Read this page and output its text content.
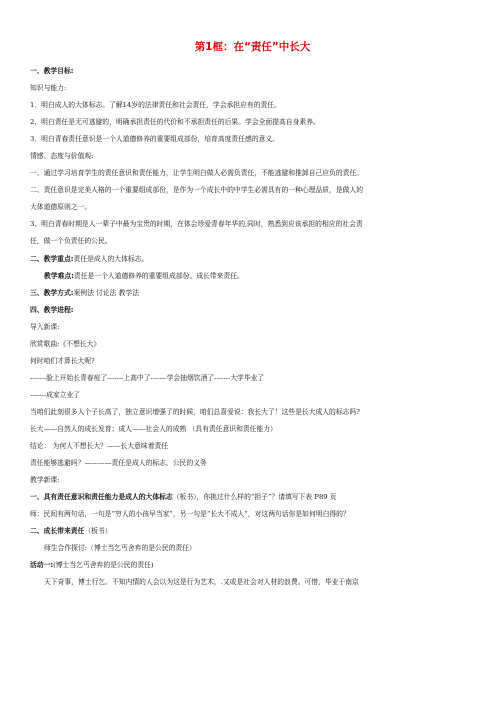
第1框：在“责任”中长大
一、教学目标:
知识与能力:
1．明白成人的大体标志。了解14岁的法律责任和社会责任，学会承担应有的责任。
2．明白责任是无可逃避的，明确承担责任的代价和不承担责任的后果。学会全面提高自身素养。
3．明白青春责任意识是一个人道德修养的重要组成部份，培育高度责任感的意义。
情感、态度与价值观:
一、通过学习培育学生的责任意识和责任能力，让学生明白做人必需负责任，不能逃避和推卸自己应负的责任。
二、责任意识是完美人格的一个重要组成部份，是作为一个成长中的中学生必需具有的一种心理品质，是做人的
大体道德原则之一。
3、明白青春时期是人一辈子中最为宝贵的时期，在体会珍爱青春年华的,同时，熟悉到应该承担的相应的社会责
任，做一个负责任的公民。
二、教学重点:责任是成人的大体标志。
教学难点:责任是一个人道德修养的重要组成部份。成长带来责任。
三、教学方式:案例法 讨论法 教学法
四、教学进程:
导入新课:
欣赏歌曲:《不想长大》
何时咱们才算长大呢?
-------脸上开始长青春痘了-------上高中了-------学会抽烟饮酒了-------大学毕业了
-------成家立业了
当咱们此刻很多人个子长高了，独立意识增强了的时候，咱们总喜爱说：我长大了！这些是长大成人的标志吗?
长大——自然人的成长发育；成人——社会人的成熟 （具有责任意识和责任能力）
结论： 为何人不想长大？——长大意味着责任
责任能够逃避吗？————责任是成人的标志，公民的义务
教学新课:
一、具有责任意识和责任能力是成人的大体标志（板书），你挑过什么样的“担子”？请填写下表 P89 页
师：民间有两句话，一句是“穷人的小孩早当家”，另一句是“长大不成人”，对这两句话你是如何明白得的？
二、成长带来责任（板书）
师生合作探讨:（博士当乞丐舍弃的是公民的责任）
活动一:(博士当乞丐舍弃的是公民的责任)
天下奇事，博士行乞。不知内情的人会以为这是行为艺术，.又或是社会对人材的浪费。可惜，毕业于南京
